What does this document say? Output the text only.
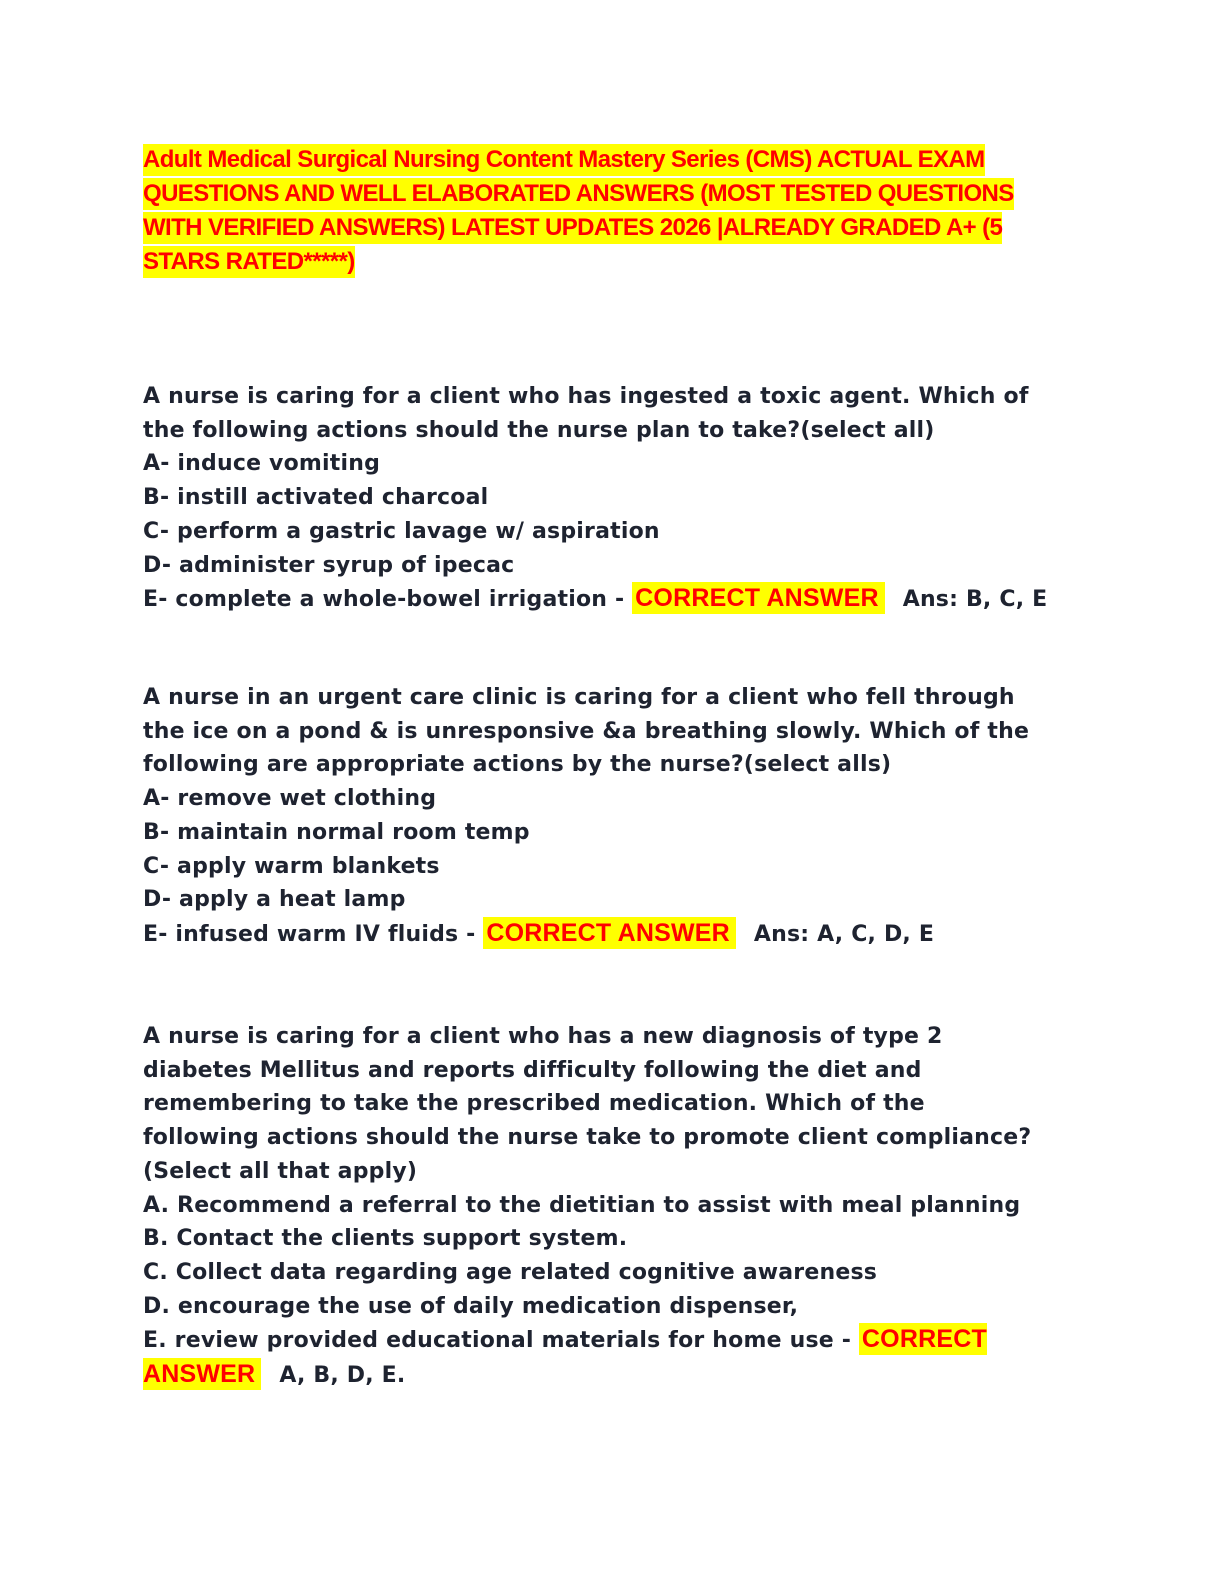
Adult Medical Surgical Nursing Content Mastery Series (CMS) ACTUAL EXAM QUESTIONS AND WELL ELABORATED ANSWERS (MOST TESTED QUESTIONS WITH VERIFIED ANSWERS) LATEST UPDATES 2026 |ALREADY GRADED A+ (5 STARS RATED*****)
A nurse is caring for a client who has ingested a toxic agent. Which of
the following actions should the nurse plan to take?(select all)
A- induce vomiting
B- instill activated charcoal
C- perform a gastric lavage w/ aspiration
D- administer syrup of ipecac
E- complete a whole-bowel irrigation - CORRECT ANSWER Ans: B, C, E
A nurse in an urgent care clinic is caring for a client who fell through
the ice on a pond & is unresponsive &a breathing slowly. Which of the
following are appropriate actions by the nurse?(select alls)
A- remove wet clothing
B- maintain normal room temp
C- apply warm blankets
D- apply a heat lamp
E- infused warm IV fluids - CORRECT ANSWER Ans: A, C, D, E
A nurse is caring for a client who has a new diagnosis of type 2
diabetes Mellitus and reports difficulty following the diet and
remembering to take the prescribed medication. Which of the
following actions should the nurse take to promote client compliance?
(Select all that apply)
A. Recommend a referral to the dietitian to assist with meal planning
B. Contact the clients support system.
C. Collect data regarding age related cognitive awareness
D. encourage the use of daily medication dispenser,
E. review provided educational materials for home use - CORRECT ANSWER A, B, D, E.
